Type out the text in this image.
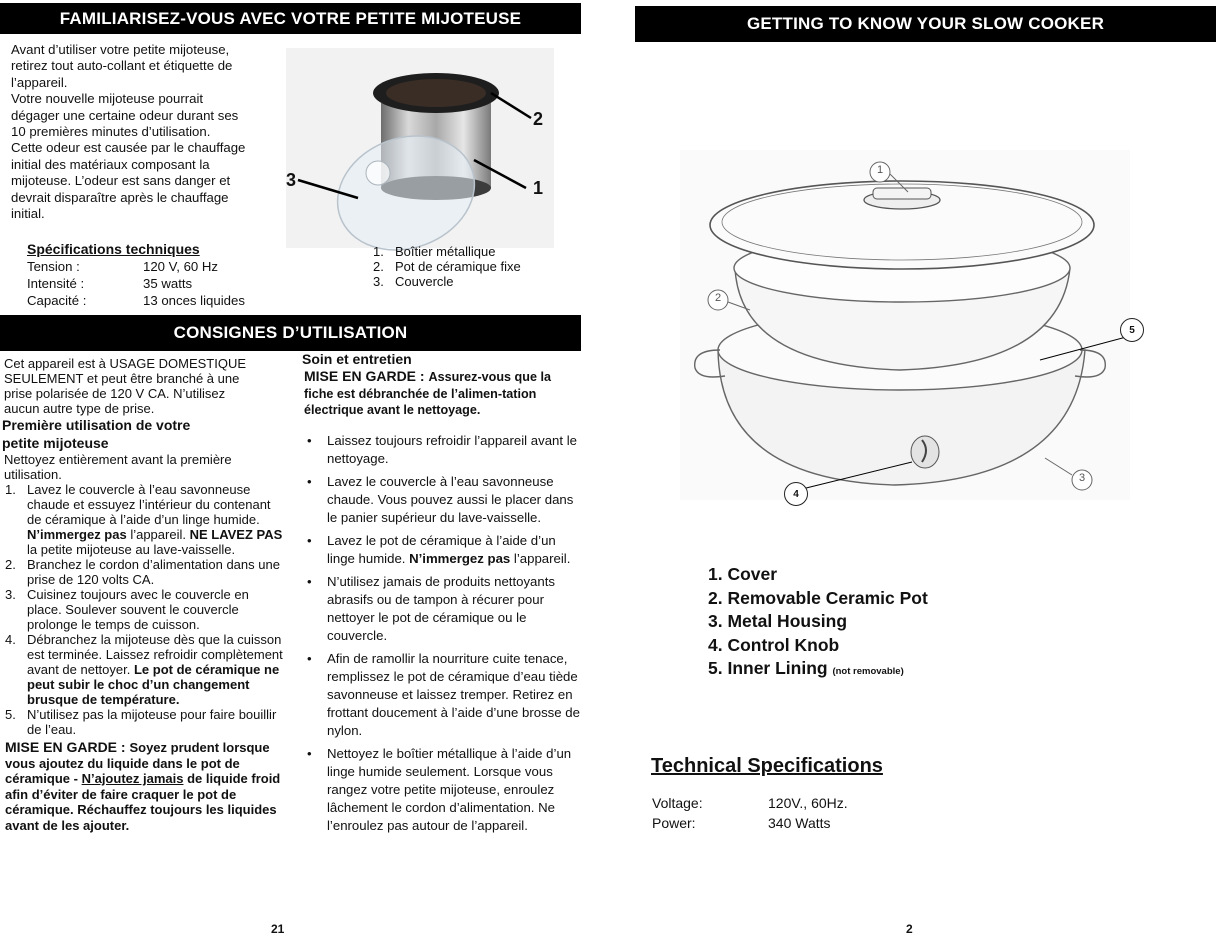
FAMILIARISEZ-VOUS AVEC VOTRE PETITE MIJOTEUSE
Avant d’utiliser votre petite mijoteuse,
retirez tout auto-collant et étiquette de
l’appareil.
Votre nouvelle mijoteuse pourrait
dégager une certaine odeur durant ses
10 premières minutes d’utilisation.
Cette odeur est causée par le chauffage
initial des matériaux composant la
mijoteuse. L’odeur est sans danger et
devrait disparaître après le chauffage
initial.
2
1
3
1. Boîtier métallique
2. Pot de céramique fixe
3. Couvercle
Spécifications techniques
Tension :	120 V, 60 Hz
Intensité :	35 watts
Capacité :	13 onces liquides
CONSIGNES D’UTILISATION
Cet appareil est à USAGE DOMESTIQUE
SEULEMENT et peut être branché à une
prise polarisée de 120 V CA. N’utilisez
aucun autre type de prise.
Première utilisation de votre
petite mijoteuse
Nettoyez entièrement avant la première
utilisation.
1. Lavez le couvercle à l’eau savonneuse chaude et essuyez l’intérieur du contenant de céramique à l’aide d’un linge humide. N’immergez pas l’appareil. NE LAVEZ PAS la petite mijoteuse au lave-vaisselle.
2. Branchez le cordon d’alimentation dans une prise de 120 volts CA.
3. Cuisinez toujours avec le couvercle en place. Soulever souvent le couvercle prolonge le temps de cuisson.
4. Débranchez la mijoteuse dès que la cuisson est terminée. Laissez refroidir complètement avant de nettoyer. Le pot de céramique ne peut subir le choc d’un changement brusque de température.
5. N’utilisez pas la mijoteuse pour faire bouillir de l’eau.
MISE EN GARDE : Soyez prudent lorsque vous ajoutez du liquide dans le pot de céramique - N’ajoutez jamais de liquide froid afin d’éviter de faire craquer le pot de céramique. Réchauffez toujours les liquides avant de les ajouter.
Soin et entretien
MISE EN GARDE : Assurez-vous que la fiche est débranchée de l’alimen-tation électrique avant le nettoyage.
• Laissez toujours refroidir l’appareil avant le nettoyage.
• Lavez le couvercle à l’eau savonneuse chaude. Vous pouvez aussi le placer dans le panier supérieur du lave-vaisselle.
• Lavez le pot de céramique à l’aide d’un linge humide. N’immergez pas l’appareil.
• N’utilisez jamais de produits nettoyants abrasifs ou de tampon à récurer pour nettoyer le pot de céramique ou le couvercle.
• Afin de ramollir la nourriture cuite tenace, remplissez le pot de céramique d’eau tiède savonneuse et laissez tremper. Retirez en frottant doucement à l’aide d’une brosse de nylon.
• Nettoyez le boîtier métallique à l’aide d’un linge humide seulement. Lorsque vous rangez votre petite mijoteuse, enroulez lâchement le cordon d’alimentation. Ne l’enroulez pas autour de l’appareil.
21
GETTING TO KNOW YOUR SLOW COOKER
1
2
3
5
4
1. Cover
2. Removable Ceramic Pot
3. Metal Housing
4. Control Knob
5. Inner Lining (not removable)
Technical Specifications
Voltage:	120V., 60Hz.
Power:	340 Watts
2
